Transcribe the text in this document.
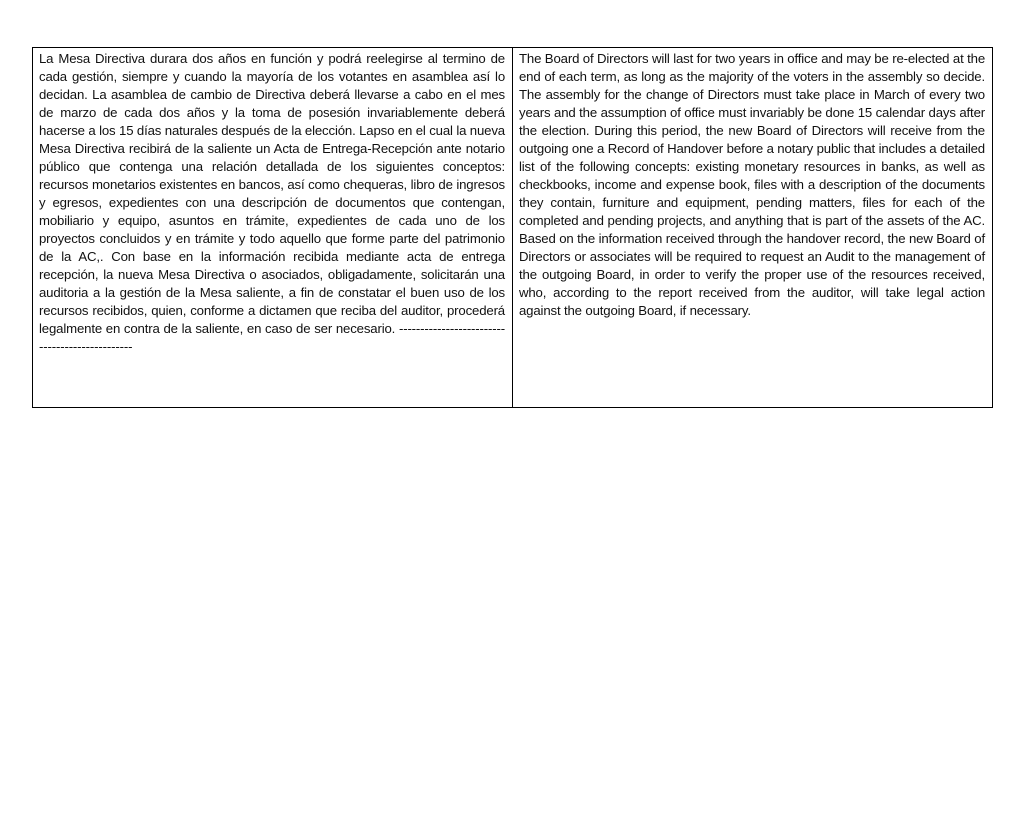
La Mesa Directiva durara dos años en función y podrá reelegirse al termino de cada gestión, siempre y cuando la mayoría de los votantes en asamblea así lo decidan. La asamblea de cambio de Directiva deberá llevarse a cabo en el mes de marzo de cada dos años y la toma de posesión invariablemente deberá hacerse a los 15 días naturales después de la elección. Lapso en el cual la nueva Mesa Directiva recibirá de la saliente un Acta de Entrega-Recepción ante notario público que contenga una relación detallada de los siguientes conceptos: recursos monetarios existentes en bancos, así como chequeras, libro de ingresos y egresos, expedientes con una descripción de documentos que contengan, mobiliario y equipo, asuntos en trámite, expedientes de cada uno de los proyectos concluidos y en trámite y todo aquello que forme parte del patrimonio de la AC,. Con base en la información recibida mediante acta de entrega recepción, la nueva Mesa Directiva o asociados, obligadamente, solicitarán una auditoria a la gestión de la Mesa saliente, a fin de constatar el buen uso de los recursos recibidos, quien, conforme a dictamen que reciba del auditor, procederá legalmente en contra de la saliente, en caso de ser necesario. -----------------------------------------------

The Board of Directors will last for two years in office and may be re-elected at the end of each term, as long as the majority of the voters in the assembly so decide. The assembly for the change of Directors must take place in March of every two years and the assumption of office must invariably be done 15 calendar days after the election. During this period, the new Board of Directors will receive from the outgoing one a Record of Handover before a notary public that includes a detailed list of the following concepts: existing monetary resources in banks, as well as checkbooks, income and expense book, files with a description of the documents they contain, furniture and equipment, pending matters, files for each of the completed and pending projects, and anything that is part of the assets of the AC. Based on the information received through the handover record, the new Board of Directors or associates will be required to request an Audit to the management of the outgoing Board, in order to verify the proper use of the resources received, who, according to the report received from the auditor, will take legal action against the outgoing Board, if necessary.
